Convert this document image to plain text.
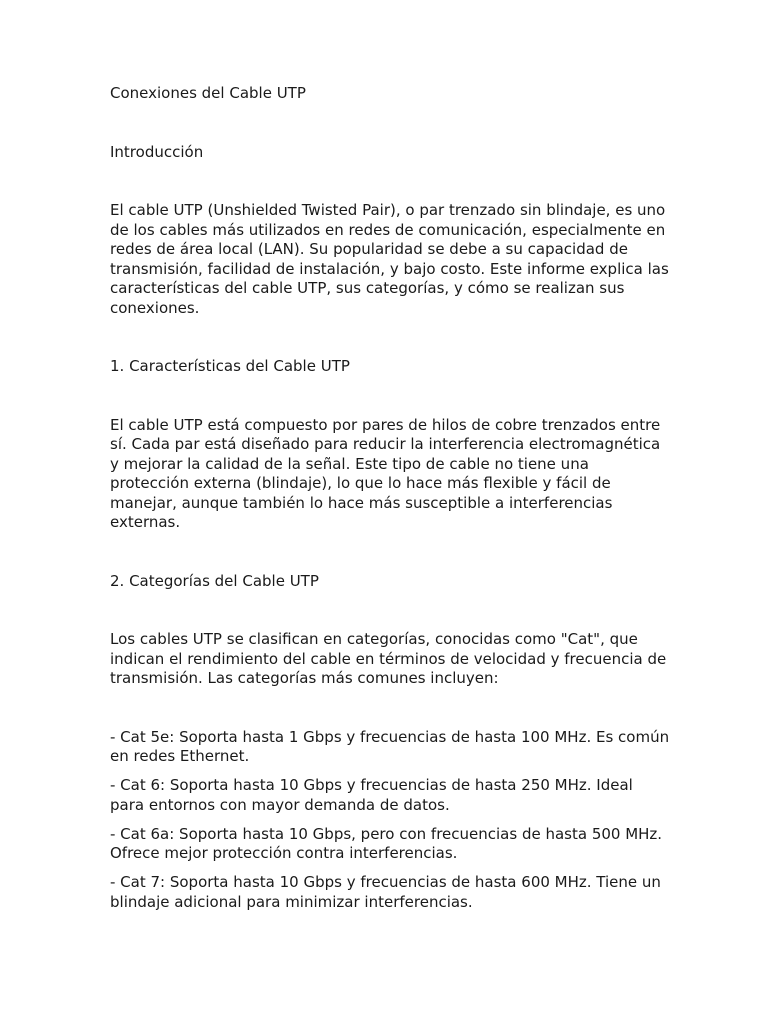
Conexiones del Cable UTP
Introducción
El cable UTP (Unshielded Twisted Pair), o par trenzado sin blindaje, es uno de los cables más utilizados en redes de comunicación, especialmente en redes de área local (LAN). Su popularidad se debe a su capacidad de transmisión, facilidad de instalación, y bajo costo. Este informe explica las características del cable UTP, sus categorías, y cómo se realizan sus conexiones.
1. Características del Cable UTP
El cable UTP está compuesto por pares de hilos de cobre trenzados entre sí. Cada par está diseñado para reducir la interferencia electromagnética y mejorar la calidad de la señal. Este tipo de cable no tiene una protección externa (blindaje), lo que lo hace más flexible y fácil de manejar, aunque también lo hace más susceptible a interferencias externas.
2. Categorías del Cable UTP
Los cables UTP se clasifican en categorías, conocidas como "Cat", que indican el rendimiento del cable en términos de velocidad y frecuencia de transmisión. Las categorías más comunes incluyen:
- Cat 5e: Soporta hasta 1 Gbps y frecuencias de hasta 100 MHz. Es común en redes Ethernet.
- Cat 6: Soporta hasta 10 Gbps y frecuencias de hasta 250 MHz. Ideal para entornos con mayor demanda de datos.
- Cat 6a: Soporta hasta 10 Gbps, pero con frecuencias de hasta 500 MHz. Ofrece mejor protección contra interferencias.
- Cat 7: Soporta hasta 10 Gbps y frecuencias de hasta 600 MHz. Tiene un blindaje adicional para minimizar interferencias.
